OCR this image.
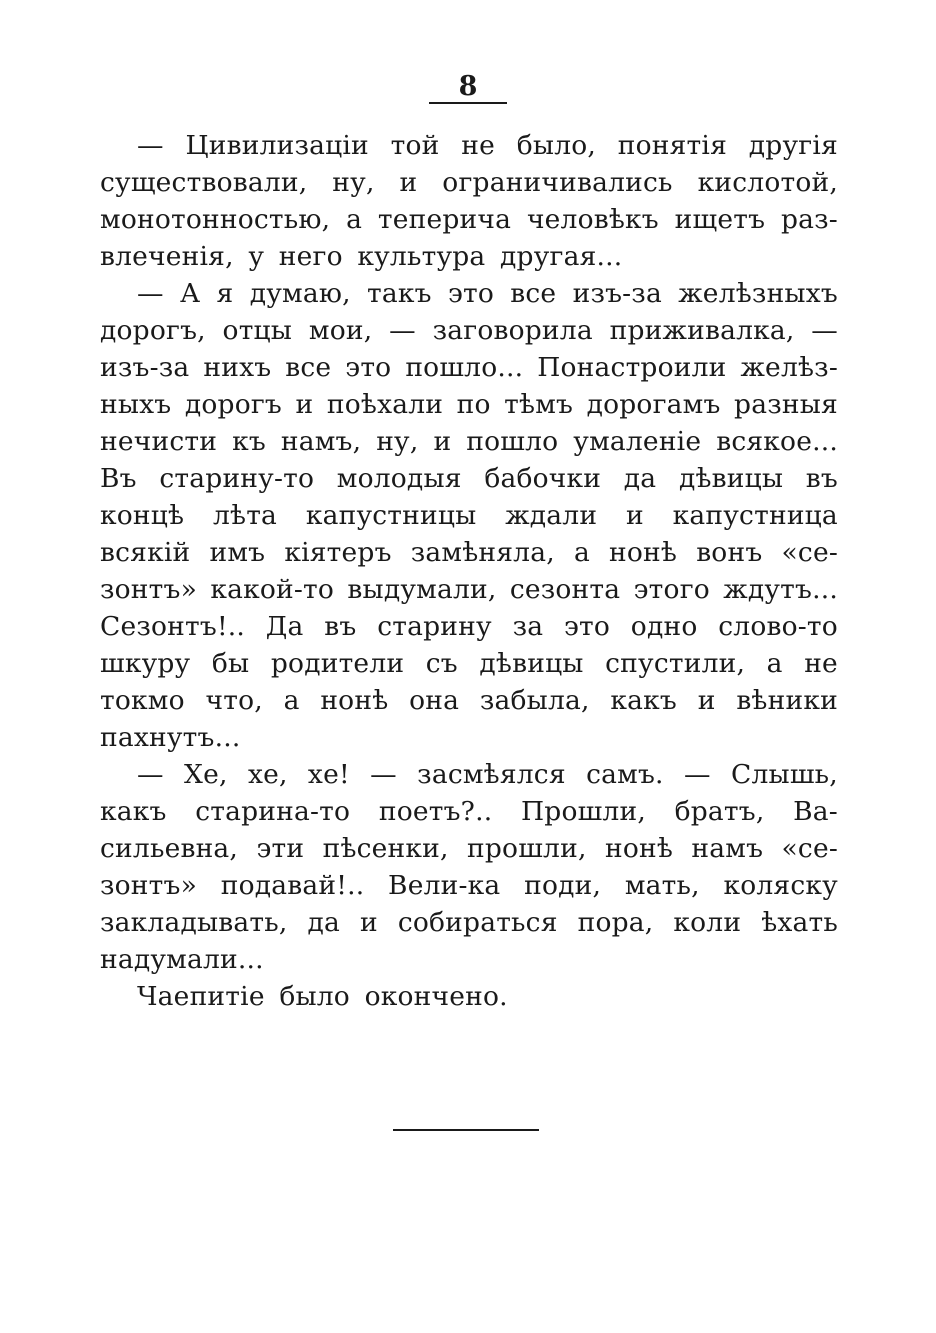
8
— Цивилизаціи той не было, понятія другія
существовали, ну, и ограничивались кислотой,
монотонностью, а теперича человѣкъ ищетъ раз-
влеченія, у него культура другая...
— А я думаю, такъ это все изъ-за желѣзныхъ
дорогъ, отцы мои, — заговорила приживалка, —
изъ-за нихъ все это пошло... Понастроили желѣз-
ныхъ дорогъ и поѣхали по тѣмъ дорогамъ разныя
нечисти къ намъ, ну, и пошло умаленіе всякое...
Въ старину-то молодыя бабочки да дѣвицы въ
концѣ лѣта капустницы ждали и капустница
всякій имъ кіятеръ замѣняла, а нонѣ вонъ «се-
зонтъ» какой-то выдумали, сезонта этого ждутъ...
Сезонтъ!.. Да въ старину за это одно слово-то
шкуру бы родители съ дѣвицы спустили, а не
токмо что, а нонѣ она забыла, какъ и вѣники
пахнутъ...
— Хе, хе, хе! — засмѣялся самъ. — Слышь,
какъ старина-то поетъ?.. Прошли, братъ, Ва-
сильевна, эти пѣсенки, прошли, нонѣ намъ «се-
зонтъ» подавай!.. Вели-ка поди, мать, коляску
закладывать, да и собираться пора, коли ѣхать
надумали...
Чаепитіе было окончено.
